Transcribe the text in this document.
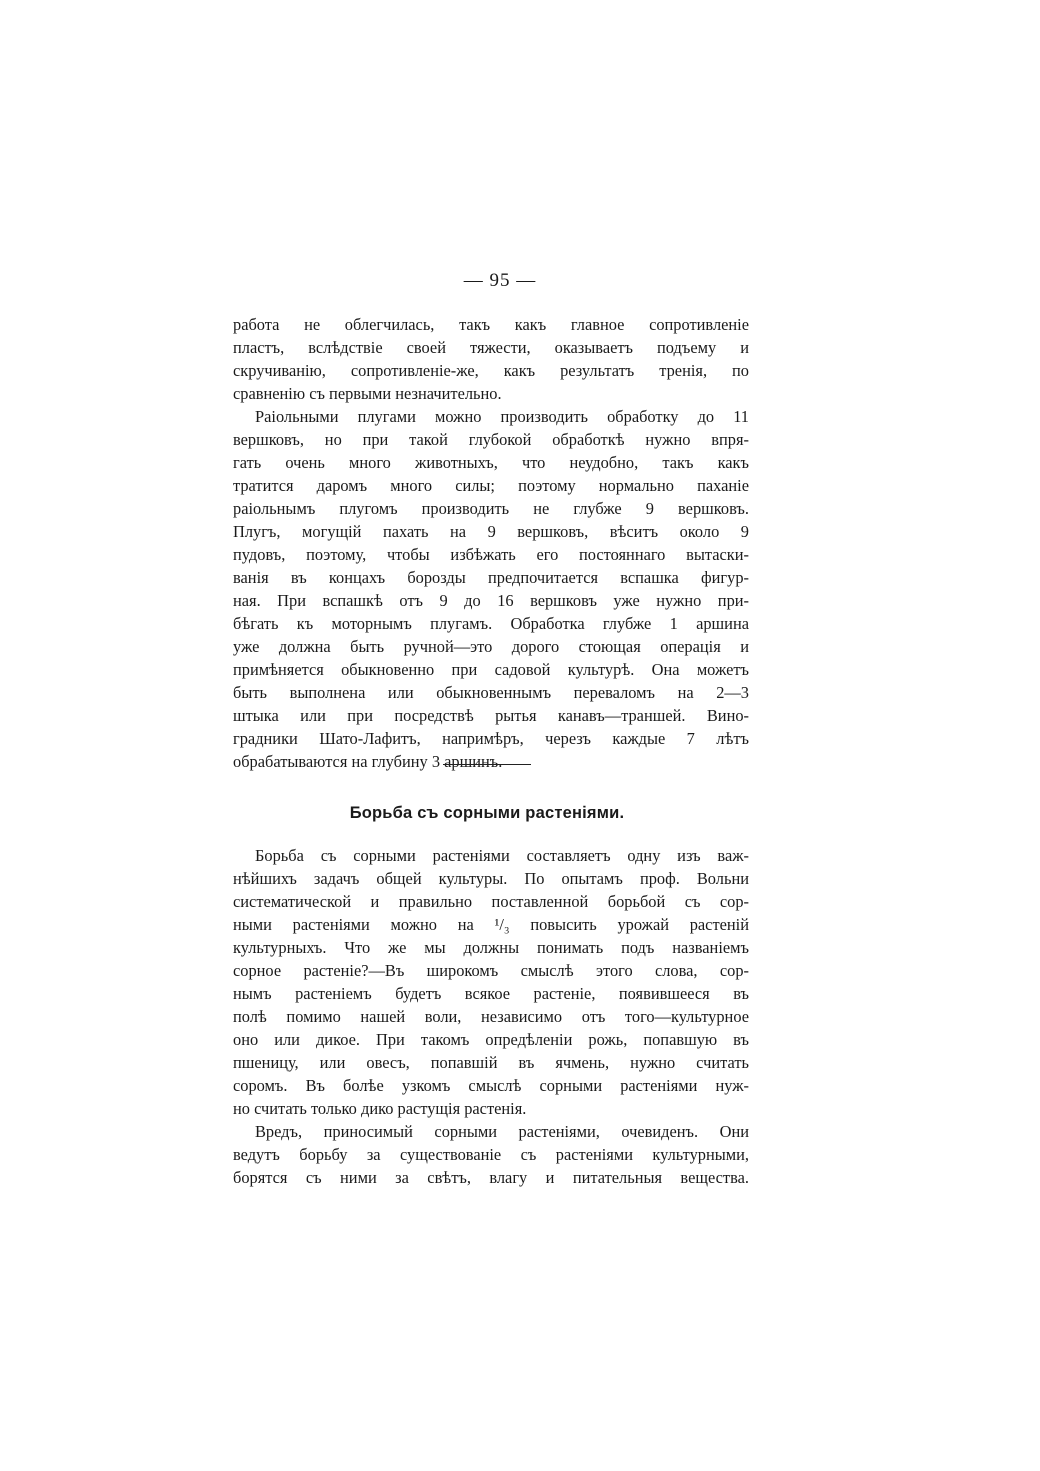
— 95 —
работа не облегчилась, такъ какъ главное сопротивленіе
пластъ, вслѣдствіе своей тяжести, оказываетъ подъему и
скручиванію, сопротивленіе-же, какъ результатъ тренія, по
сравненію съ первыми незначительно.
Раіольными плугами можно производить обработку до 11
вершковъ, но при такой глубокой обработкѣ нужно впря-
гать очень много животныхъ, что неудобно, такъ какъ
тратится даромъ много силы; поэтому нормально паханіе
раіольнымъ плугомъ производить не глубже 9 вершковъ.
Плугъ, могущій пахать на 9 вершковъ, вѣситъ около 9
пудовъ, поэтому, чтобы избѣжать его постояннаго вытаски-
ванія въ концахъ борозды предпочитается вспашка фигур-
ная. При вспашкѣ отъ 9 до 16 вершковъ уже нужно при-
бѣгать къ моторнымъ плугамъ. Обработка глубже 1 аршина
уже должна быть ручной—это дорого стоющая операція и
примѣняется обыкновенно при садовой культурѣ. Она можетъ
быть выполнена или обыкновеннымъ переваломъ на 2—3
штыка или при посредствѣ рытья канавъ—траншей. Вино-
градники Шато-Лафитъ, напримѣръ, черезъ каждые 7 лѣтъ
обрабатываются на глубину 3 аршинъ.
Борьба съ сорными растеніями.
Борьба съ сорными растеніями составляетъ одну изъ важ-
нѣйшихъ задачъ общей культуры. По опытамъ проф. Вольни
систематической и правильно поставленной борьбой съ сор-
ными растеніями можно на ¹/₃ повысить урожай растеній
культурныхъ. Что же мы должны понимать подъ названіемъ
сорное растеніе?—Въ широкомъ смыслѣ этого слова, сор-
нымъ растеніемъ будетъ всякое растеніе, появившееся въ
полѣ помимо нашей воли, независимо отъ того—культурное
оно или дикое. При такомъ опредѣленіи рожь, попавшую въ
пшеницу, или овесъ, попавшій въ ячмень, нужно считать
соромъ. Въ болѣе узкомъ смыслѣ сорными растеніями нуж-
но считать только дико растущія растенія.
Вредъ, приносимый сорными растеніями, очевиденъ. Они
ведутъ борьбу за существованіе съ растеніями культурными,
борятся съ ними за свѣтъ, влагу и питательныя вещества.
